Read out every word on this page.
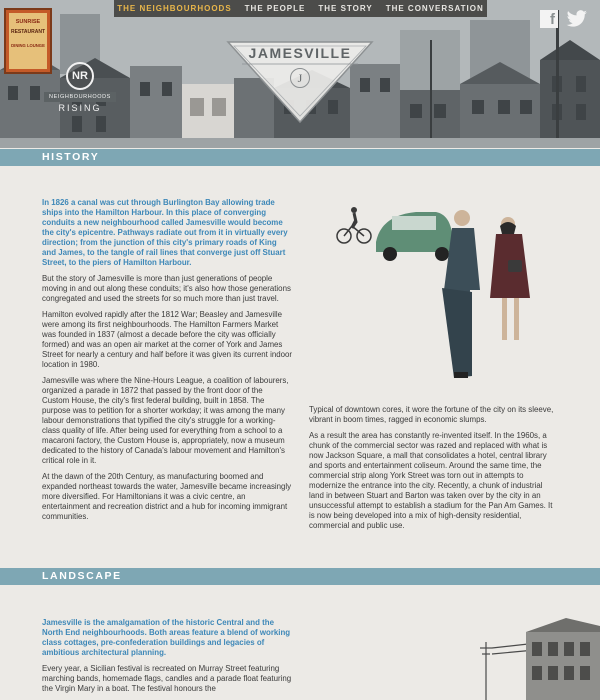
SUNRISE
RESTAURANT
DINING LOUNGE
NR
NEIGHBOURHOODS
RISING
JAMESVILLE
J
THE NEIGHBOURHOODS THE PEOPLE THE STORY THE CONVERSATION
f
HISTORY

In 1826 a canal was cut through Burlington Bay allowing trade ships into the Hamilton Harbour. In this place of converging conduits a new neighbourhood called Jamesville would become the city's epicentre. Pathways radiate out from it in virtually every direction; from the junction of this city's primary roads of King and James, to the tangle of rail lines that converge just off Stuart Street, to the piers of Hamilton Harbour.

But the story of Jamesville is more than just generations of people moving in and out along these conduits; it's also how those generations congregated and used the streets for so much more than just travel.

Hamilton evolved rapidly after the 1812 War; Beasley and Jamesville were among its first neighbourhoods. The Hamilton Farmers Market was founded in 1837 (almost a decade before the city was officially formed) and was an open air market at the corner of York and James Street for nearly a century and half before it was given its current indoor location in 1980.

Jamesville was where the Nine-Hours League, a coalition of labourers, organized a parade in 1872 that passed by the front door of the Custom House, the city's first federal building, built in 1858. The purpose was to petition for a shorter workday; it was among the many labour demonstrations that typified the city's struggle for a working-class quality of life. After being used for everything from a school to a macaroni factory, the Custom House is, appropriately, now a museum dedicated to the history of Canada's labour movement and Hamilton's critical role in it.

At the dawn of the 20th Century, as manufacturing boomed and expanded northeast towards the water, Jamesville became increasingly more diversified. For Hamiltonians it was a civic centre, an entertainment and recreation district and a hub for incoming immigrant communities.

Typical of downtown cores, it wore the fortune of the city on its sleeve, vibrant in boom times, ragged in economic slumps.

As a result the area has constantly re-invented itself. In the 1960s, a chunk of the commercial sector was razed and replaced with what is now Jackson Square, a mall that consolidates a hotel, central library and sports and entertainment coliseum. Around the same time, the commercial strip along York Street was torn out in attempts to modernize the entrance into the city. Recently, a chunk of industrial land in between Stuart and Barton was taken over by the city in an unsuccessful attempt to establish a stadium for the Pan Am Games. It is now being developed into a mix of high-density residential, commercial and public use.

LANDSCAPE

Jamesville is the amalgamation of the historic Central and the North End neighbourhoods. Both areas feature a blend of working class cottages, pre-confederation buildings and legacies of ambitious architectural planning.

Every year, a Sicilian festival is recreated on Murray Street featuring marching bands, homemade flags, candles and a parade float featuring the Virgin Mary in a boat. The festival honours the
